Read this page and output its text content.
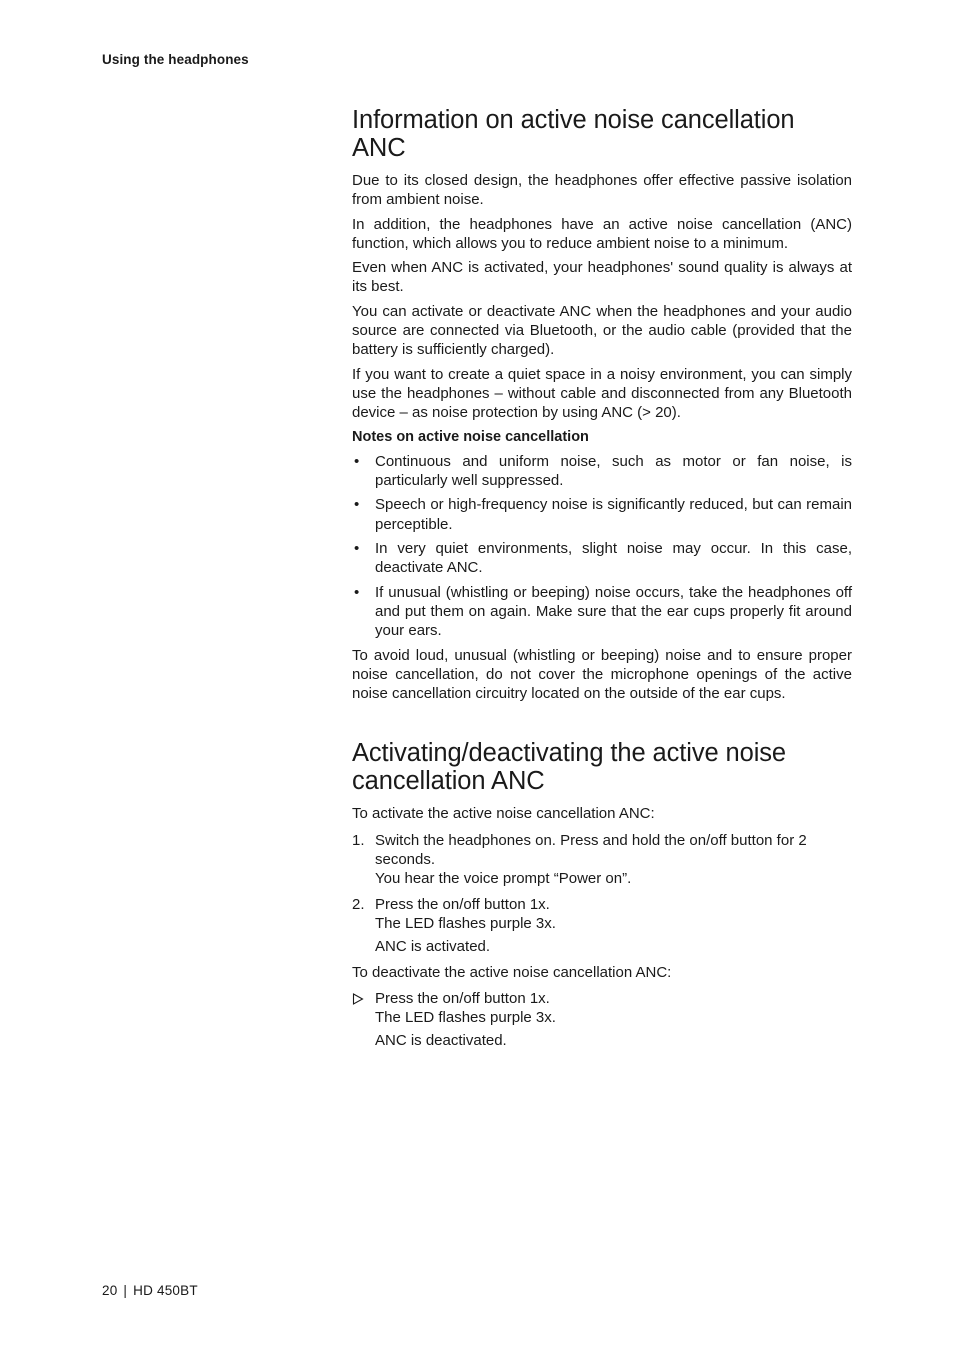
Using the headphones
Information on active noise cancellation ANC

Due to its closed design, the headphones offer effective passive isolation from ambient noise.

In addition, the headphones have an active noise cancellation (ANC) function, which allows you to reduce ambient noise to a minimum.

Even when ANC is activated, your headphones' sound quality is always at its best.

You can activate or deactivate ANC when the headphones and your audio source are connected via Bluetooth, or the audio cable (provided that the battery is sufficiently charged).

If you want to create a quiet space in a noisy environment, you can simply use the headphones – without cable and disconnected from any Bluetooth device – as noise protection by using ANC (> 20).

Notes on active noise cancellation
• Continuous and uniform noise, such as motor or fan noise, is particularly well suppressed.
• Speech or high-frequency noise is significantly reduced, but can remain perceptible.
• In very quiet environments, slight noise may occur. In this case, deactivate ANC.
• If unusual (whistling or beeping) noise occurs, take the headphones off and put them on again. Make sure that the ear cups properly fit around your ears.

To avoid loud, unusual (whistling or beeping) noise and to ensure proper noise cancellation, do not cover the microphone openings of the active noise cancellation circuitry located on the outside of the ear cups.

Activating/deactivating the active noise cancellation ANC

To activate the active noise cancellation ANC:

1. Switch the headphones on. Press and hold the on/off button for 2 seconds.
You hear the voice prompt “Power on”.
2. Press the on/off button 1x.
The LED flashes purple 3x.
ANC is activated.

To deactivate the active noise cancellation ANC:

Press the on/off button 1x.
The LED flashes purple 3x.
ANC is deactivated.
20 | HD 450BT
